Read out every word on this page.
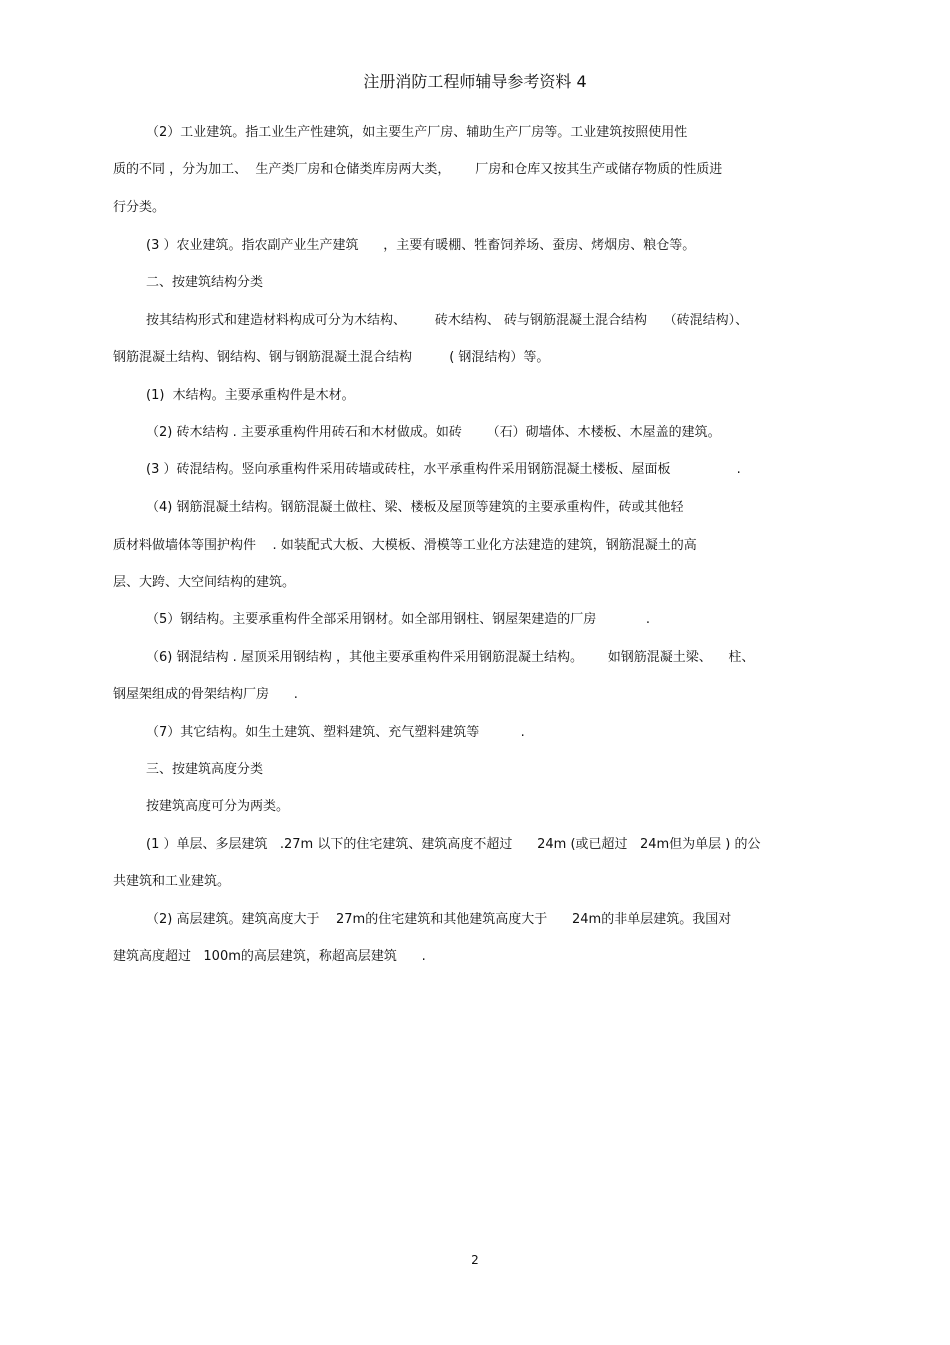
注册消防工程师辅导参考资料 4

（2）工业建筑。指工业生产性建筑，如主要生产厂房、辅助生产厂房等。工业建筑按照使用性

质的不同 ，分为加工、  生产类厂房和仓储类库房两大类，      厂房和仓库又按其生产或储存物质的性质进

行分类。

(3 ）农业建筑。指农副产业生产建筑      ，主要有暖棚、牲畜饲养场、蚕房、烤烟房、粮仓等。

二、按建筑结构分类

按其结构形式和建造材料构成可分为木结构、       砖木结构、 砖与钢筋混凝土混合结构    （砖混结构）、

钢筋混凝土结构、钢结构、钢与钢筋混凝土混合结构         ( 钢混结构）等。

(1)  木结构。主要承重构件是木材。

（2) 砖木结构 . 主要承重构件用砖石和木材做成。如砖      （石）砌墙体、木楼板、木屋盖的建筑。

(3 ）砖混结构。竖向承重构件采用砖墙或砖柱，水平承重构件采用钢筋混凝土楼板、屋面板                .

（4) 钢筋混凝土结构。钢筋混凝土做柱、梁、楼板及屋顶等建筑的主要承重构件，砖或其他轻

质材料做墙体等围护构件    . 如装配式大板、大模板、滑模等工业化方法建造的建筑，钢筋混凝土的高

层、大跨、大空间结构的建筑。

（5）钢结构。主要承重构件全部采用钢材。如全部用钢柱、钢屋架建造的厂房            .

（6) 钢混结构 . 屋顶采用钢结构 ，其他主要承重构件采用钢筋混凝土结构。      如钢筋混凝土梁、    柱、

钢屋架组成的骨架结构厂房      .

（7）其它结构。如生土建筑、塑料建筑、充气塑料建筑等          .

三、按建筑高度分类

按建筑高度可分为两类。

(1 ）单层、多层建筑   .27m 以下的住宅建筑、建筑高度不超过      24m (或已超过   24m但为单层 ) 的公

共建筑和工业建筑。

（2) 高层建筑。建筑高度大于    27m的住宅建筑和其他建筑高度大于      24m的非单层建筑。我国对

建筑高度超过   100m的高层建筑，称超高层建筑      .

2
